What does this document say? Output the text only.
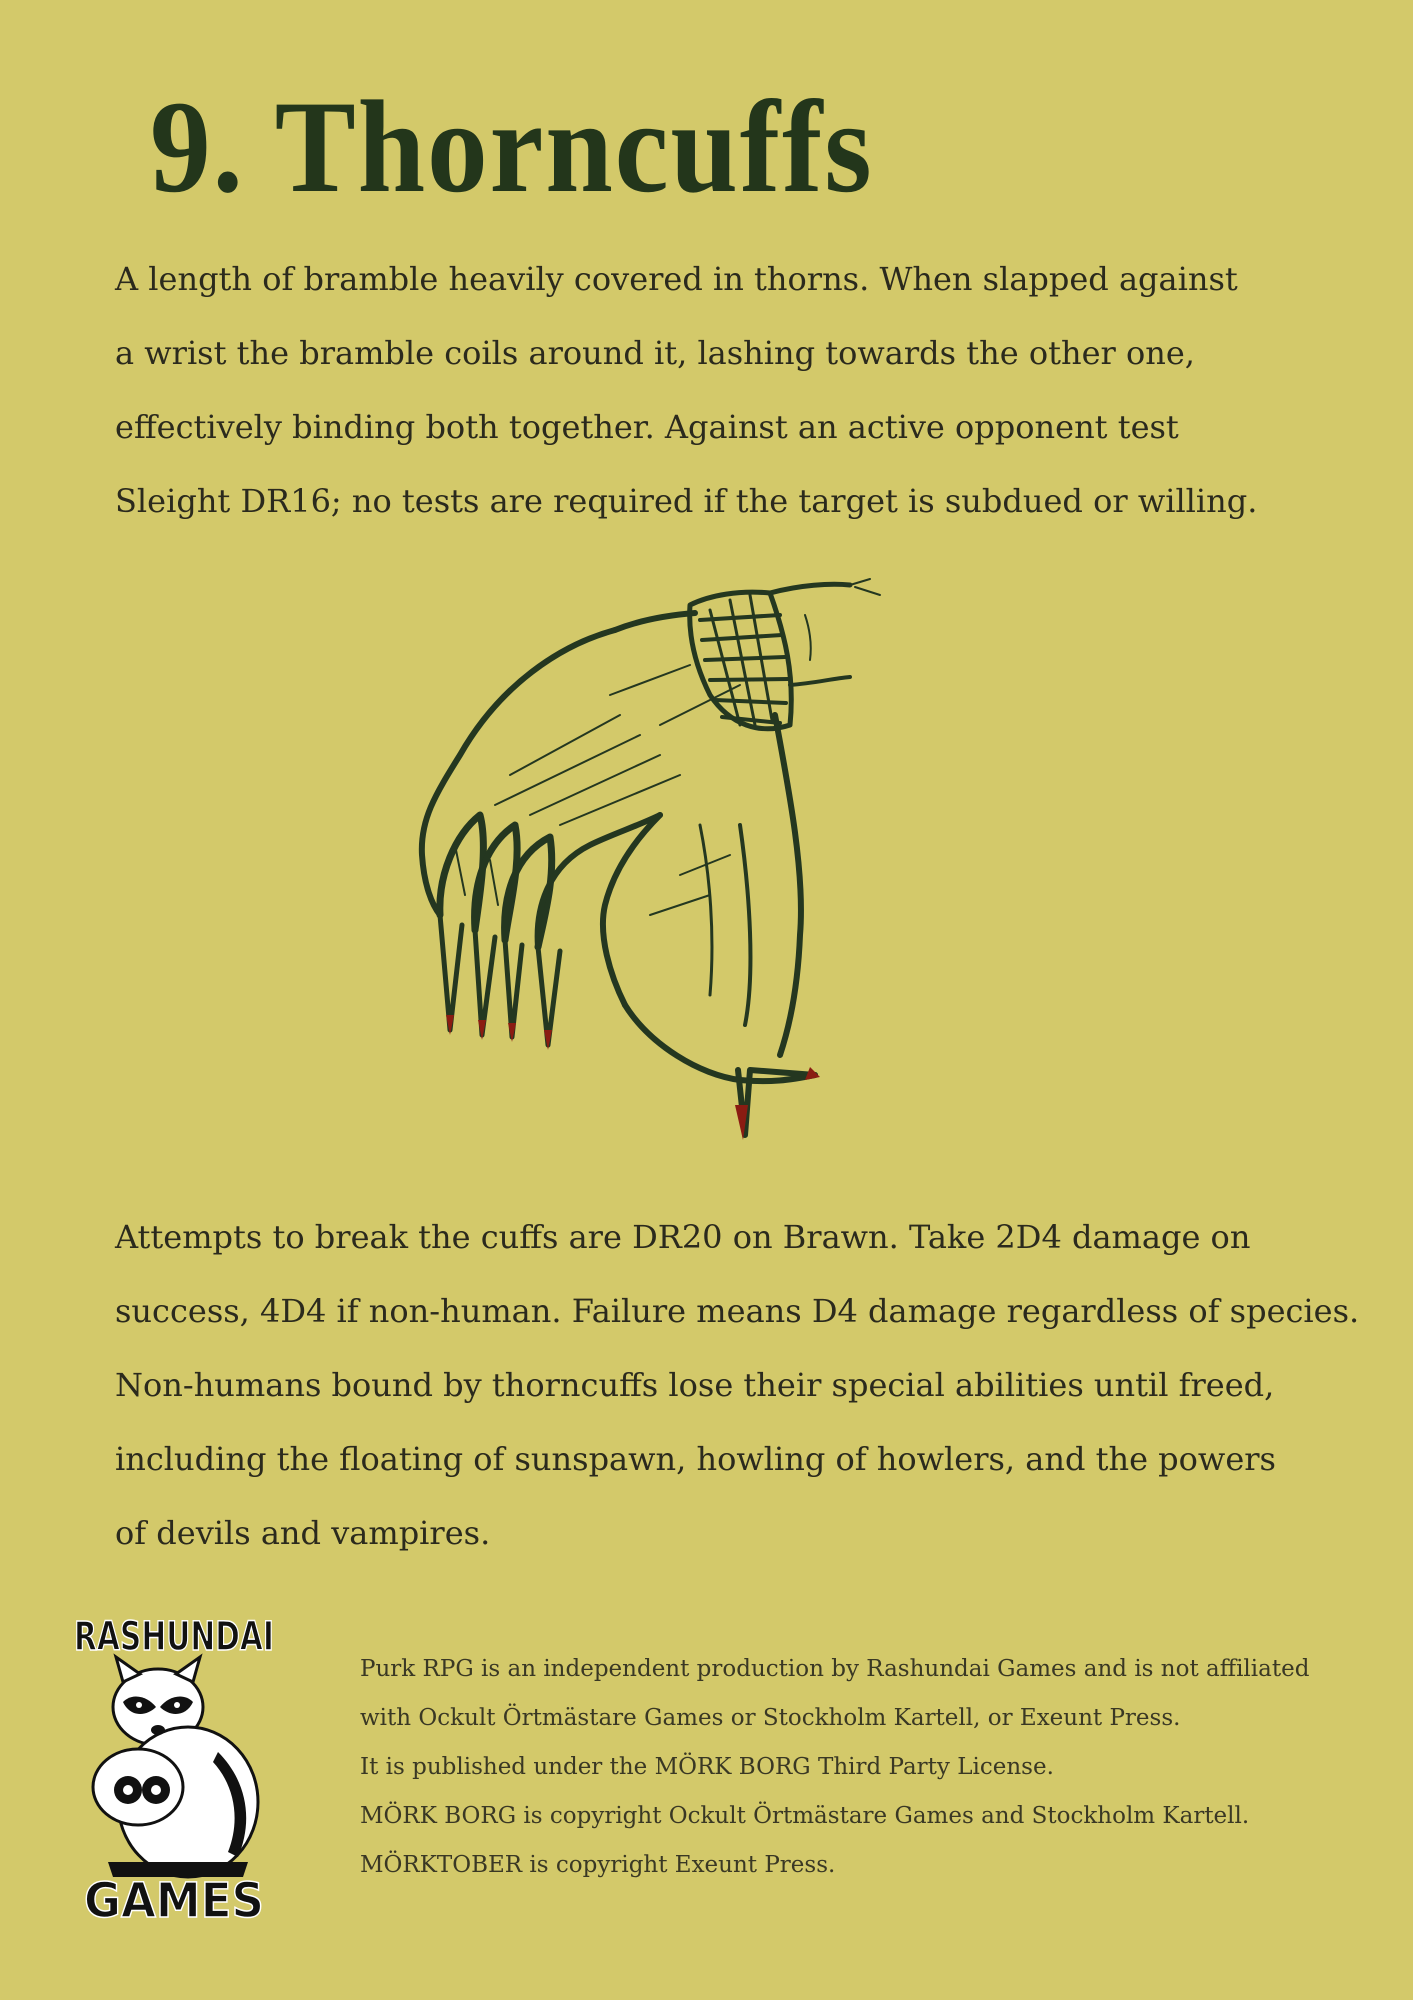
9. Thorncuffs

A length of bramble heavily covered in thorns. When slapped against
a wrist the bramble coils around it, lashing towards the other one,
effectively binding both together. Against an active opponent test
Sleight DR16; no tests are required if the target is subdued or willing.

Attempts to break the cuffs are DR20 on Brawn. Take 2D4 damage on
success, 4D4 if non-human. Failure means D4 damage regardless of species.
Non-humans bound by thorncuffs lose their special abilities until freed,
including the floating of sunspawn, howling of howlers, and the powers
of devils and vampires.

RASHUNDAI
GAMES

Purk RPG is an independent production by Rashundai Games and is not affiliated
with Ockult Örtmästare Games or Stockholm Kartell, or Exeunt Press.
It is published under the MÖRK BORG Third Party License.
MÖRK BORG is copyright Ockult Örtmästare Games and Stockholm Kartell.
MÖRKTOBER is copyright Exeunt Press.
